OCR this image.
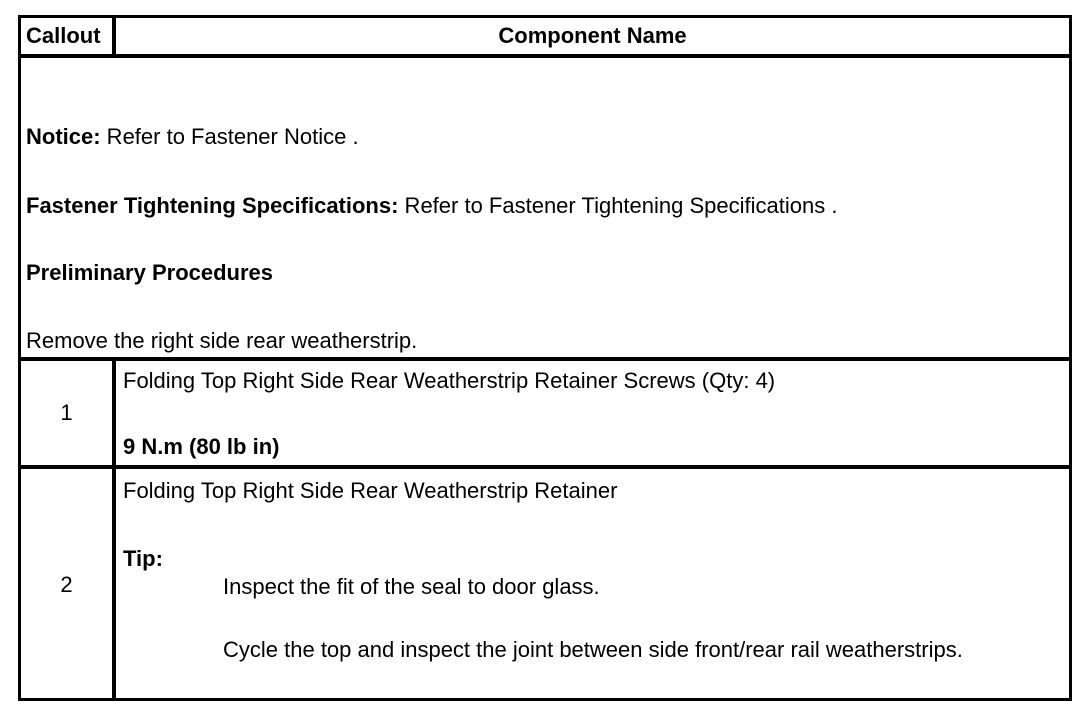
Callout	Component Name
Notice: Refer to Fastener Notice .
Fastener Tightening Specifications: Refer to Fastener Tightening Specifications .
Preliminary Procedures
Remove the right side rear weatherstrip.
1
Folding Top Right Side Rear Weatherstrip Retainer Screws (Qty: 4)
9 N.m (80 lb in)
2
Folding Top Right Side Rear Weatherstrip Retainer
Tip:
Inspect the fit of the seal to door glass.
Cycle the top and inspect the joint between side front/rear rail weatherstrips.
